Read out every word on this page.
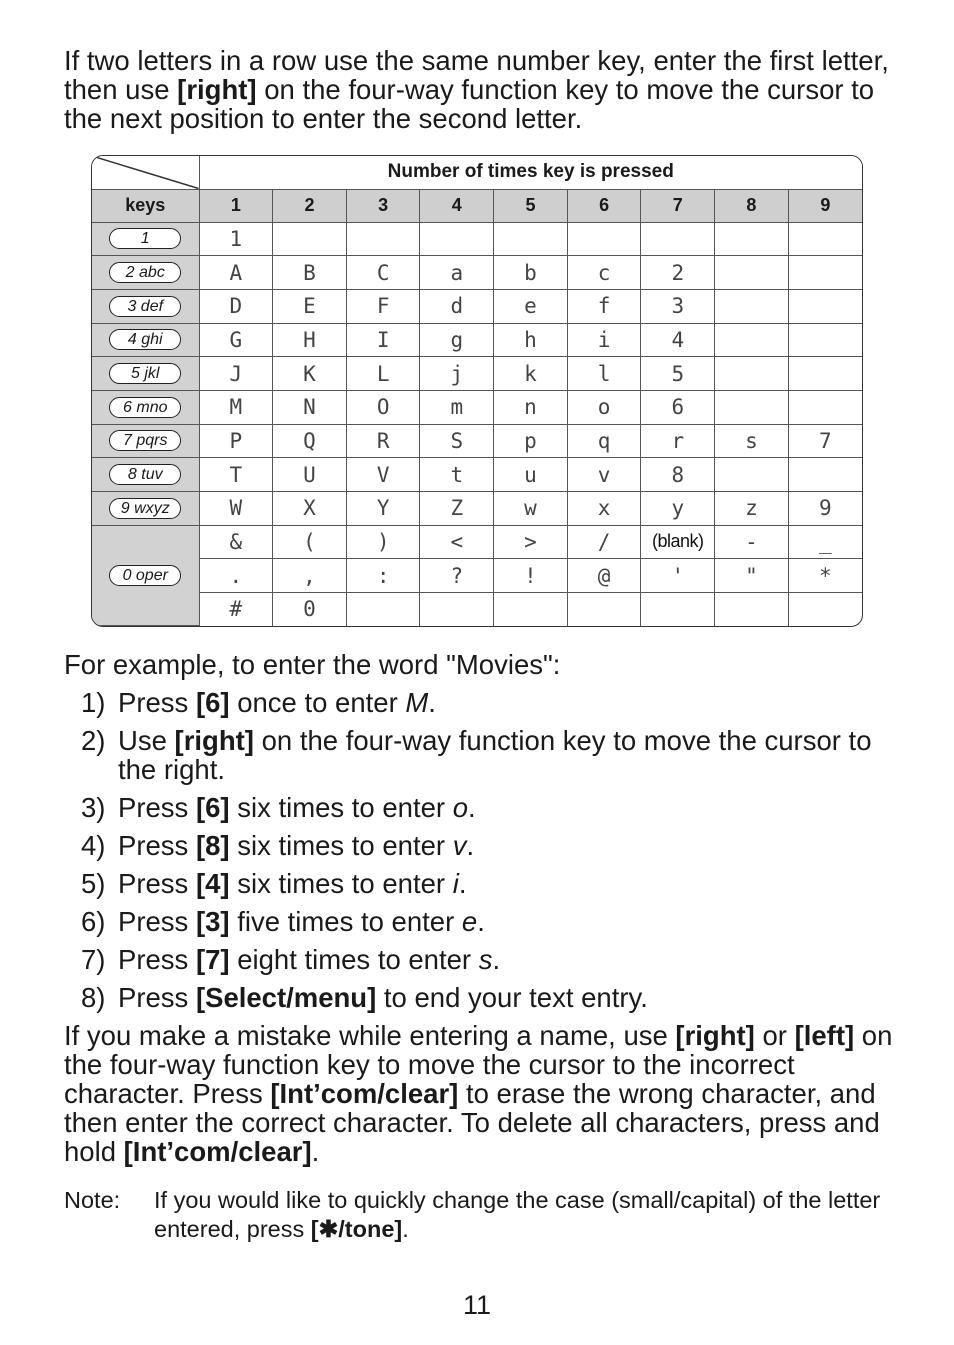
If two letters in a row use the same number key, enter the first letter, then use [right] on the four-way function key to move the cursor to the next position to enter the second letter.

	Number of times key is pressed								
keys	1	2	3	4	5	6	7	8	9
1	1								
2 abc	A	B	C	a	b	c	2		
3 def	D	E	F	d	e	f	3		
4 ghi	G	H	I	g	h	i	4		
5 jkl	J	K	L	j	k	l	5		
6 mno	M	N	O	m	n	o	6		
7 pqrs	P	Q	R	S	p	q	r	s	7
8 tuv	T	U	V	t	u	v	8		
9 wxyz	W	X	Y	Z	w	x	y	z	9
0 oper	&	(	)	<	>	/	(blank)	-	_
	.	,	:	?	!	@	'	"	*
	#	0							

For example, to enter the word "Movies":

1) Press [6] once to enter M.
2) Use [right] on the four-way function key to move the cursor to the right.
3) Press [6] six times to enter o.
4) Press [8] six times to enter v.
5) Press [4] six times to enter i.
6) Press [3] five times to enter e.
7) Press [7] eight times to enter s.
8) Press [Select/menu] to end your text entry.

If you make a mistake while entering a name, use [right] or [left] on the four-way function key to move the cursor to the incorrect character. Press [Int’com/clear] to erase the wrong character, and then enter the correct character. To delete all characters, press and hold [Int’com/clear].

Note: If you would like to quickly change the case (small/capital) of the letter entered, press [✱/tone].
11
